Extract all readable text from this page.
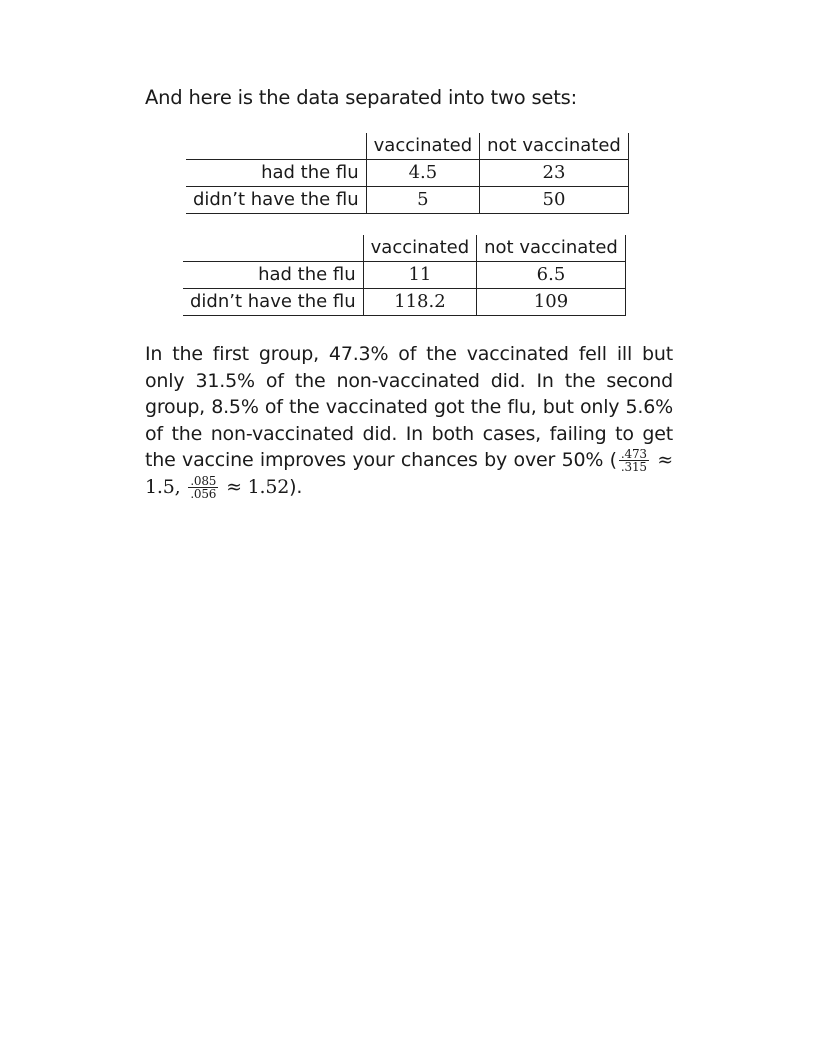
And here is the data separated into two sets:
	vaccinated	not vaccinated
had the flu	4.5	23
didn’t have the flu	5	50
	vaccinated	not vaccinated
had the flu	11	6.5
didn’t have the flu	118.2	109
In the first group, 47.3% of the vaccinated fell ill but only 31.5% of the non-vaccinated did. In the second group, 8.5% of the vaccinated got the flu, but only 5.6% of the non-vaccinated did. In both cases, failing to get the vaccine improves your chances by over 50% ( $\frac{.473}{.315} \approx 1.5$, $\frac{.085}{.056} \approx 1.52$).
